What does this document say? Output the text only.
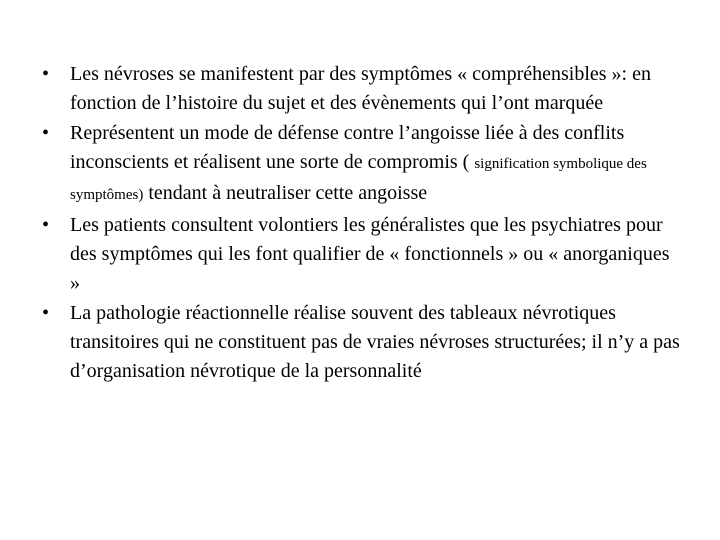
•	Les névroses se manifestent par des symptômes « compréhensibles »: en fonction de l’histoire du sujet et des évènements qui l’ont marquée
•	Représentent un mode de défense contre l’angoisse liée à des conflits inconscients et réalisent une sorte de compromis ( signification symbolique des symptômes) tendant à neutraliser cette angoisse
•	Les patients consultent volontiers les généralistes que les psychiatres pour des symptômes qui les font qualifier de « fonctionnels » ou « anorganiques »
•	La pathologie réactionnelle réalise souvent des tableaux névrotiques transitoires qui ne constituent pas de vraies névroses structurées; il n’y a pas d’organisation névrotique de la personnalité
